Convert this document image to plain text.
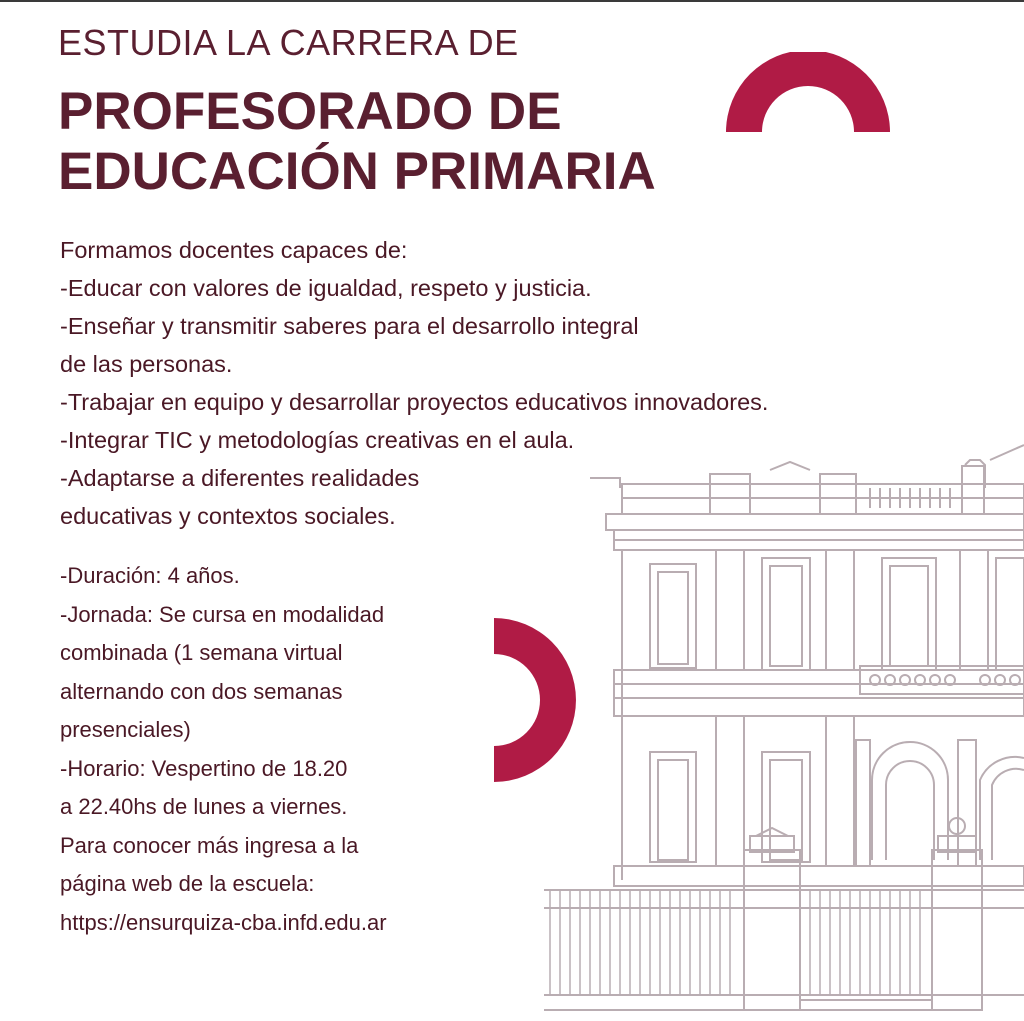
ESTUDIA LA CARRERA DE
PROFESORADO DE
EDUCACIÓN PRIMARIA
Formamos docentes capaces de:
-Educar con valores de igualdad, respeto y justicia.
-Enseñar y transmitir saberes para el desarrollo integral
de las personas.
-Trabajar en equipo y desarrollar proyectos educativos innovadores.
-Integrar TIC y metodologías creativas en el aula.
-Adaptarse a diferentes realidades
educativas y contextos sociales.
-Duración: 4 años.
-Jornada: Se cursa en modalidad
combinada (1 semana virtual
alternando con dos semanas
presenciales)
-Horario: Vespertino de 18.20
a 22.40hs de lunes a viernes.
Para conocer más ingresa a la
página web de la escuela:
https://ensurquiza-cba.infd.edu.ar
